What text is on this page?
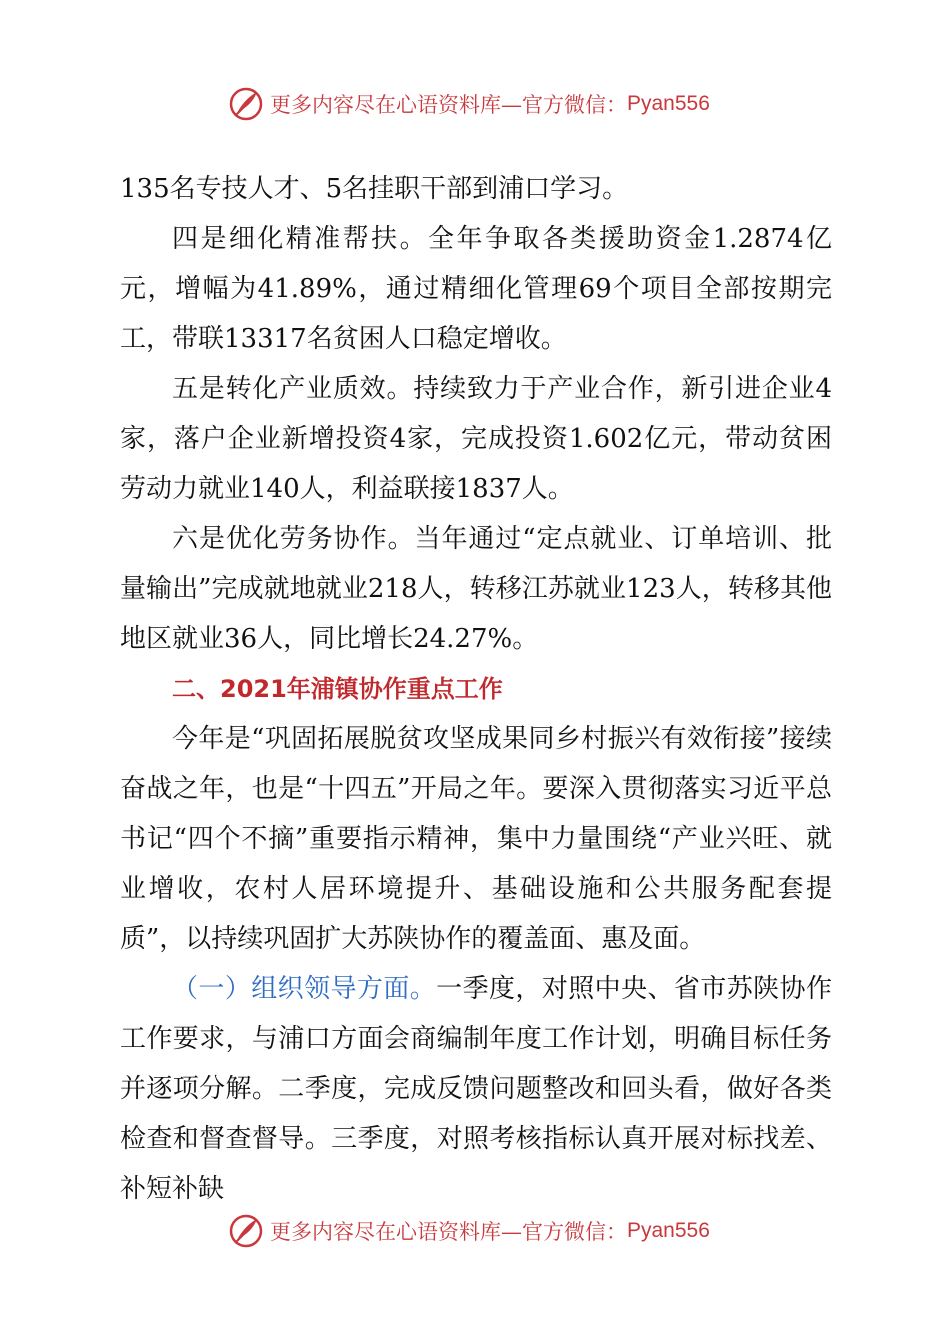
更多内容尽在心语资料库—官方微信： Pyan556

135名专技人才、5名挂职干部到浦口学习。

四是细化精准帮扶。全年争取各类援助资金1.2874亿元，增幅为41.89%，通过精细化管理69个项目全部按期完工，带联13317名贫困人口稳定增收。

五是转化产业质效。持续致力于产业合作，新引进企业4家，落户企业新增投资4家，完成投资1.602亿元，带动贫困劳动力就业140人，利益联接1837人。

六是优化劳务协作。当年通过“定点就业、订单培训、批量输出”完成就地就业218人，转移江苏就业123人，转移其他地区就业36人，同比增长24.27%。

二、2021年浦镇协作重点工作

今年是“巩固拓展脱贫攻坚成果同乡村振兴有效衔接”接续奋战之年，也是“十四五”开局之年。要深入贯彻落实习近平总书记“四个不摘”重要指示精神，集中力量围绕“产业兴旺、就业增收，农村人居环境提升、基础设施和公共服务配套提质”，以持续巩固扩大苏陕协作的覆盖面、惠及面。

（一）组织领导方面。一季度，对照中央、省市苏陕协作工作要求，与浦口方面会商编制年度工作计划，明确目标任务并逐项分解。二季度，完成反馈问题整改和回头看，做好各类检查和督查督导。三季度，对照考核指标认真开展对标找差、补短补缺

更多内容尽在心语资料库—官方微信： Pyan556
